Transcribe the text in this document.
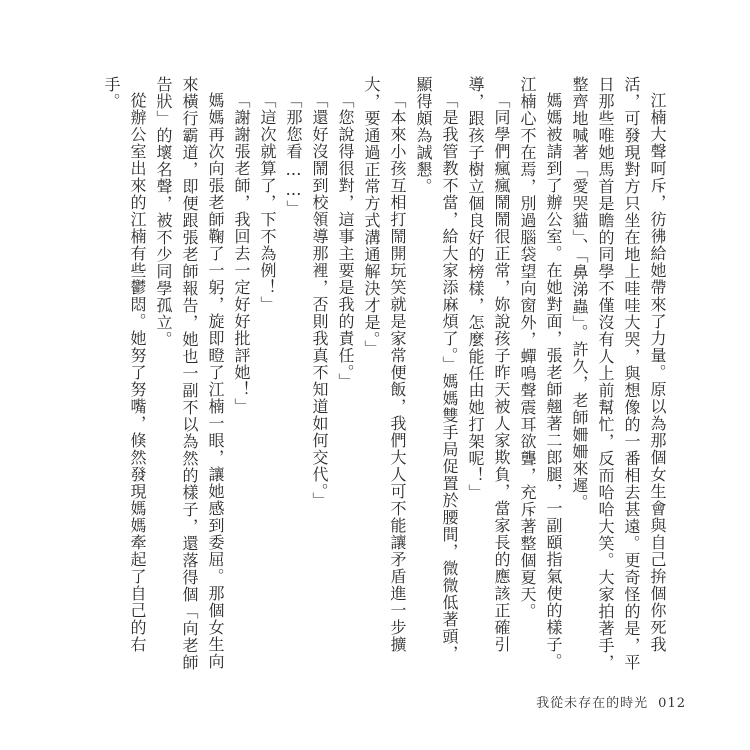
江楠大聲呵斥，彷彿給她帶來了力量。原以為那個女生會與自己拚個你死我活，可發現對方只坐在地上哇哇大哭，與想像的一番相去甚遠。更奇怪的是，平日那些唯她馬首是瞻的同學不僅沒有人上前幫忙，反而哈哈大笑。大家拍著手，整齊地喊著「愛哭貓」、「鼻涕蟲」。許久，老師姍姍來遲。

媽媽被請到了辦公室。在她對面，張老師翹著二郎腿，一副頤指氣使的樣子。江楠心不在焉，別過腦袋望向窗外，蟬鳴聲震耳欲聾，充斥著整個夏天。

「同學們瘋瘋鬧鬧很正常，妳說孩子昨天被人家欺負，當家長的應該正確引導，跟孩子樹立個良好的榜樣，怎麼能任由她打架呢！」

「是我管教不當，給大家添麻煩了。」媽媽雙手局促置於腰間，微微低著頭，顯得頗為誠懇。

「本來小孩互相打鬧開玩笑就是家常便飯，我們大人可不能讓矛盾進一步擴大，要通過正常方式溝通解決才是。」

「您說得很對，這事主要是我的責任。」

「還好沒鬧到校領導那裡，否則我真不知道如何交代。」

「那您看……」

「這次就算了，下不為例！」

「謝謝張老師，我回去一定好好批評她！」

媽媽再次向張老師鞠了一躬，旋即瞪了江楠一眼，讓她感到委屈。那個女生向來橫行霸道，即便跟張老師報告，她也一副不以為然的樣子，還落得個「向老師告狀」的壞名聲，被不少同學孤立。

從辦公室出來的江楠有些鬱悶。她努了努嘴，倏然發現媽媽牽起了自己的右手。

我從未存在的時光 012
